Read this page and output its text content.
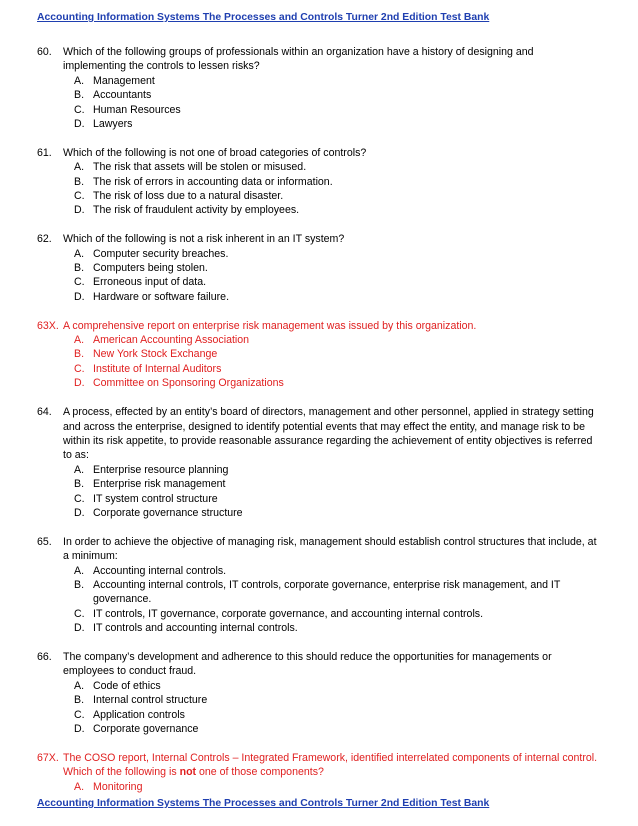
Accounting Information Systems The Processes and Controls Turner 2nd Edition Test Bank
60.	Which of the following groups of professionals within an organization have a history of designing and implementing the controls to lessen risks?
A. Management
B. Accountants
C. Human Resources
D. Lawyers
61.	Which of the following is not one of broad categories of controls?
A. The risk that assets will be stolen or misused.
B. The risk of errors in accounting data or information.
C. The risk of loss due to a natural disaster.
D. The risk of fraudulent activity by employees.
62.	Which of the following is not a risk inherent in an IT system?
A. Computer security breaches.
B. Computers being stolen.
C. Erroneous input of data.
D. Hardware or software failure.
63X. A comprehensive report on enterprise risk management was issued by this organization.
A. American Accounting Association
B. New York Stock Exchange
C. Institute of Internal Auditors
D. Committee on Sponsoring Organizations
64.	A process, effected by an entity’s board of directors, management and other personnel, applied in strategy setting and across the enterprise, designed to identify potential events that may effect the entity, and manage risk to be within its risk appetite, to provide reasonable assurance regarding the achievement of entity objectives is referred to as:
A. Enterprise resource planning
B. Enterprise risk management
C. IT system control structure
D. Corporate governance structure
65.	In order to achieve the objective of managing risk, management should establish control structures that include, at a minimum:
A. Accounting internal controls.
B. Accounting internal controls, IT controls, corporate governance, enterprise risk management, and IT governance.
C. IT controls, IT governance, corporate governance, and accounting internal controls.
D. IT controls and accounting internal controls.
66.	The company’s development and adherence to this should reduce the opportunities for managements or employees to conduct fraud.
A. Code of ethics
B. Internal control structure
C. Application controls
D. Corporate governance
67X. The COSO report, Internal Controls – Integrated Framework, identified interrelated components of internal control. Which of the following is not one of those components?
A. Monitoring
Accounting Information Systems The Processes and Controls Turner 2nd Edition Test Bank
